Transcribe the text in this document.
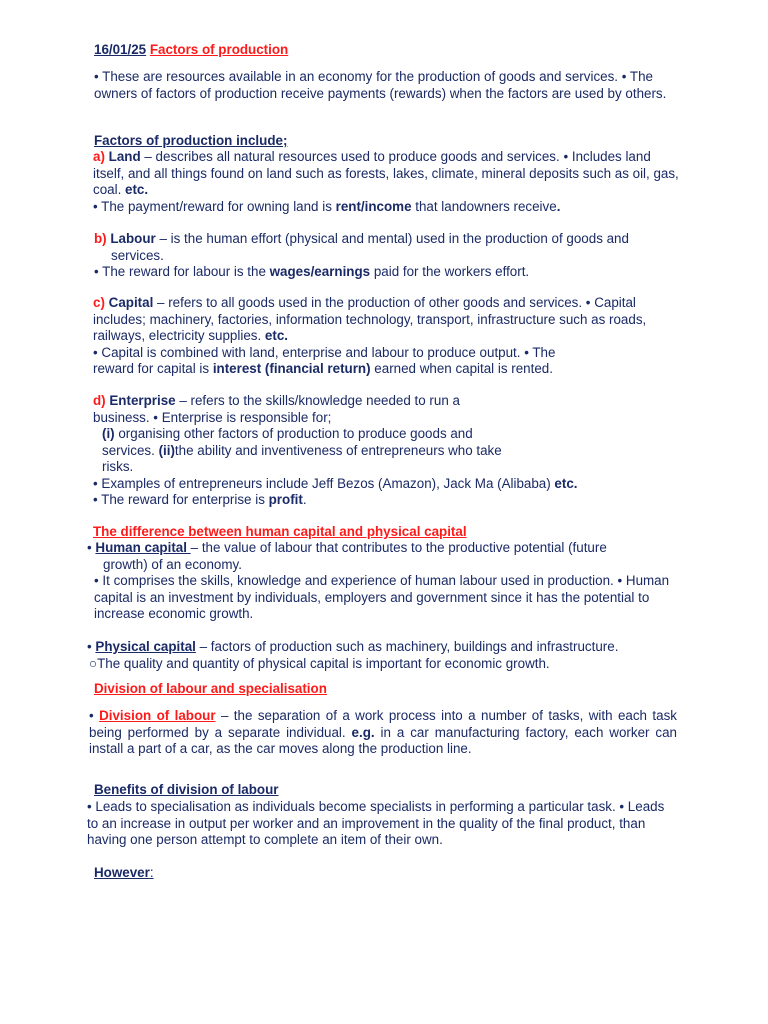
16/01/25 Factors of production
• These are resources available in an economy for the production of goods and services. • The owners of factors of production receive payments (rewards) when the factors are used by others.
Factors of production include;
a) Land – describes all natural resources used to produce goods and services. • Includes land itself, and all things found on land such as forests, lakes, climate, mineral deposits such as oil, gas, coal. etc.
• The payment/reward for owning land is rent/income that landowners receive.
b) Labour – is the human effort (physical and mental) used in the production of goods and
services.
• The reward for labour is the wages/earnings paid for the workers effort.
c) Capital – refers to all goods used in the production of other goods and services. • Capital includes; machinery, factories, information technology, transport, infrastructure such as roads, railways, electricity supplies. etc.
• Capital is combined with land, enterprise and labour to produce output. • The
reward for capital is interest (financial return) earned when capital is rented.
d) Enterprise – refers to the skills/knowledge needed to run a
business. • Enterprise is responsible for;
(i) organising other factors of production to produce goods and
services. (ii)the ability and inventiveness of entrepreneurs who take
risks.
• Examples of entrepreneurs include Jeff Bezos (Amazon), Jack Ma (Alibaba) etc.
• The reward for enterprise is profit.
The difference between human capital and physical capital
• Human capital – the value of labour that contributes to the productive potential (future
growth) of an economy.
• It comprises the skills, knowledge and experience of human labour used in production. • Human capital is an investment by individuals, employers and government since it has the potential to increase economic growth.
• Physical capital – factors of production such as machinery, buildings and infrastructure.
○The quality and quantity of physical capital is important for economic growth.
Division of labour and specialisation
• Division of labour – the separation of a work process into a number of tasks, with each task being performed by a separate individual. e.g. in a car manufacturing factory, each worker can install a part of a car, as the car moves along the production line.
Benefits of division of labour
• Leads to specialisation as individuals become specialists in performing a particular task. • Leads to an increase in output per worker and an improvement in the quality of the final product, than having one person attempt to complete an item of their own.
However:
